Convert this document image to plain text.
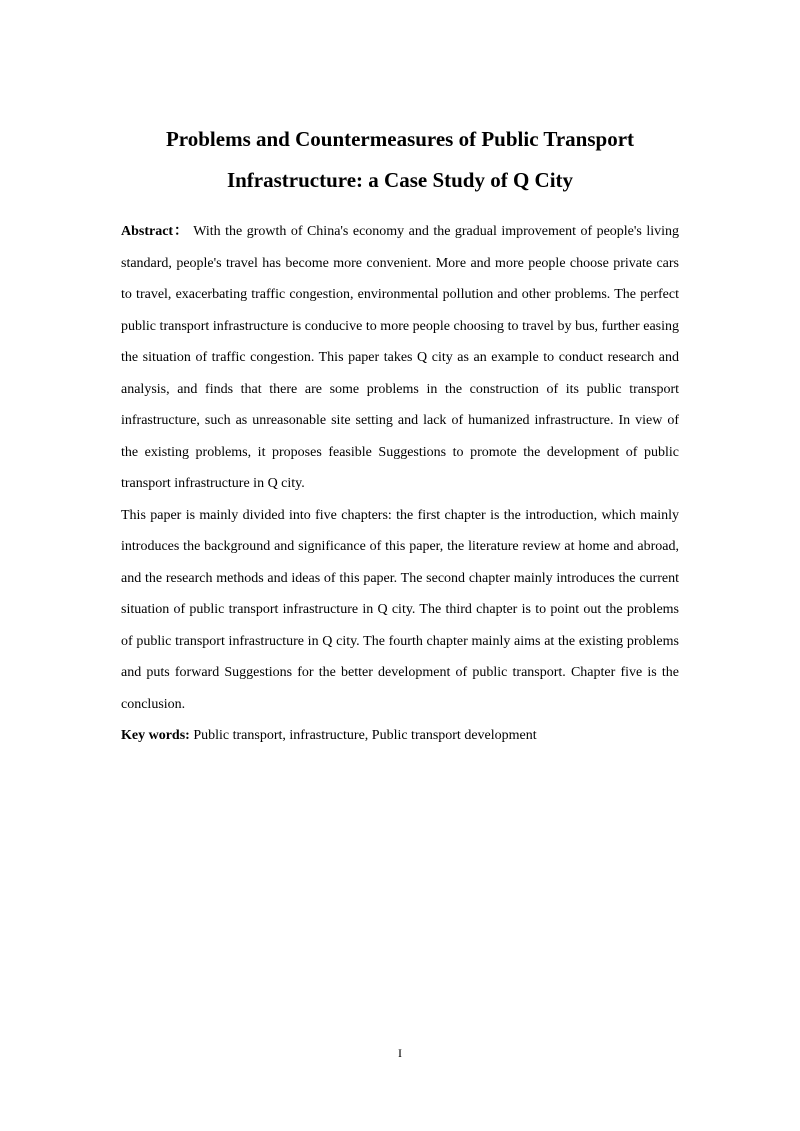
Problems and Countermeasures of Public Transport
Infrastructure: a Case Study of Q City

Abstract： With the growth of China's economy and the gradual improvement of people's living standard, people's travel has become more convenient. More and more people choose private cars to travel, exacerbating traffic congestion, environmental pollution and other problems. The perfect public transport infrastructure is conducive to more people choosing to travel by bus, further easing the situation of traffic congestion. This paper takes Q city as an example to conduct research and analysis, and finds that there are some problems in the construction of its public transport infrastructure, such as unreasonable site setting and lack of humanized infrastructure. In view of the existing problems, it proposes feasible Suggestions to promote the development of public transport infrastructure in Q city.

This paper is mainly divided into five chapters: the first chapter is the introduction, which mainly introduces the background and significance of this paper, the literature review at home and abroad, and the research methods and ideas of this paper. The second chapter mainly introduces the current situation of public transport infrastructure in Q city. The third chapter is to point out the problems of public transport infrastructure in Q city. The fourth chapter mainly aims at the existing problems and puts forward Suggestions for the better development of public transport. Chapter five is the conclusion.

Key words: Public transport, infrastructure, Public transport development

I
